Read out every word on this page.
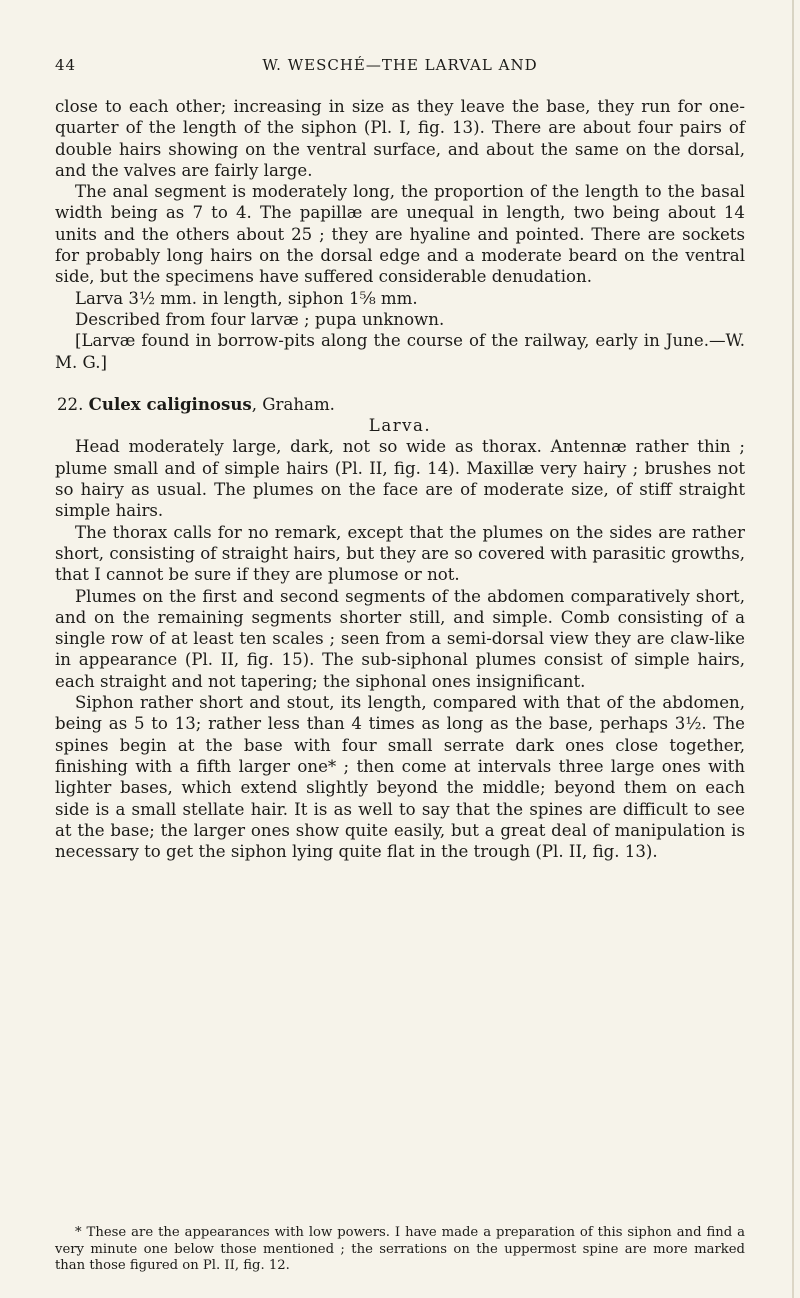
44	W. WESCHÉ—THE LARVAL AND

close to each other; increasing in size as they leave the base, they run for one-quarter of the length of the siphon (Pl. I, fig. 13). There are about four pairs of double hairs showing on the ventral surface, and about the same on the dorsal, and the valves are fairly large.

The anal segment is moderately long, the proportion of the length to the basal width being as 7 to 4. The papillæ are unequal in length, two being about 14 units and the others about 25 ; they are hyaline and pointed. There are sockets for probably long hairs on the dorsal edge and a moderate beard on the ventral side, but the specimens have suffered considerable denudation.

Larva 3½ mm. in length, siphon 1⅝ mm.

Described from four larvæ ; pupa unknown.

[Larvæ found in borrow-pits along the course of the railway, early in June.—W. M. G.]

22. Culex caliginosus, Graham.

Larva.

Head moderately large, dark, not so wide as thorax. Antennæ rather thin ; plume small and of simple hairs (Pl. II, fig. 14). Maxillæ very hairy ; brushes not so hairy as usual. The plumes on the face are of moderate size, of stiff straight simple hairs.

The thorax calls for no remark, except that the plumes on the sides are rather short, consisting of straight hairs, but they are so covered with parasitic growths, that I cannot be sure if they are plumose or not.

Plumes on the first and second segments of the abdomen comparatively short, and on the remaining segments shorter still, and simple. Comb consisting of a single row of at least ten scales ; seen from a semi-dorsal view they are claw-like in appearance (Pl. II, fig. 15). The sub-siphonal plumes consist of simple hairs, each straight and not tapering; the siphonal ones insignificant.

Siphon rather short and stout, its length, compared with that of the abdomen, being as 5 to 13; rather less than 4 times as long as the base, perhaps 3½. The spines begin at the base with four small serrate dark ones close together, finishing with a fifth larger one* ; then come at intervals three large ones with lighter bases, which extend slightly beyond the middle; beyond them on each side is a small stellate hair. It is as well to say that the spines are difficult to see at the base; the larger ones show quite easily, but a great deal of manipulation is necessary to get the siphon lying quite flat in the trough (Pl. II, fig. 13).

* These are the appearances with low powers. I have made a preparation of this siphon and find a very minute one below those mentioned ; the serrations on the uppermost spine are more marked than those figured on Pl. II, fig. 12.
